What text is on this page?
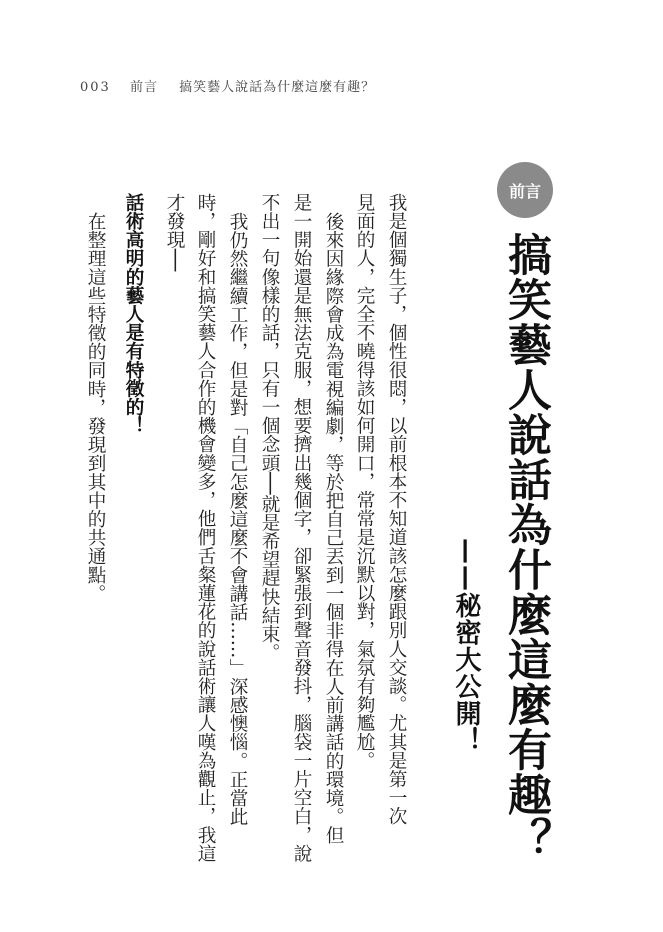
003 前言 搞笑藝人說話為什麼這麼有趣？
前言
搞笑藝人說話為什麼這麼有趣？
——秘密大公開！
我是個獨生子，個性很悶，以前根本不知道該怎麼跟別人交談。尤其是第一次
見面的人，完全不曉得該如何開口，常常是沉默以對，氣氛有夠尷尬。
後來因緣際會成為電視編劇，等於把自己丟到一個非得在人前講話的環境。但
是一開始還是無法克服，想要擠出幾個字，卻緊張到聲音發抖，腦袋一片空白，說
不出一句像樣的話，只有一個念頭──就是希望趕快結束。
我仍然繼續工作，但是對「自己怎麼這麼不會講話……」深感懊惱。正當此
時，剛好和搞笑藝人合作的機會變多，他們舌粲蓮花的說話術讓人嘆為觀止，我這
才發現──
話術高明的藝人是有特徵的！
在整理這些特徵的同時，發現到其中的共通點。
